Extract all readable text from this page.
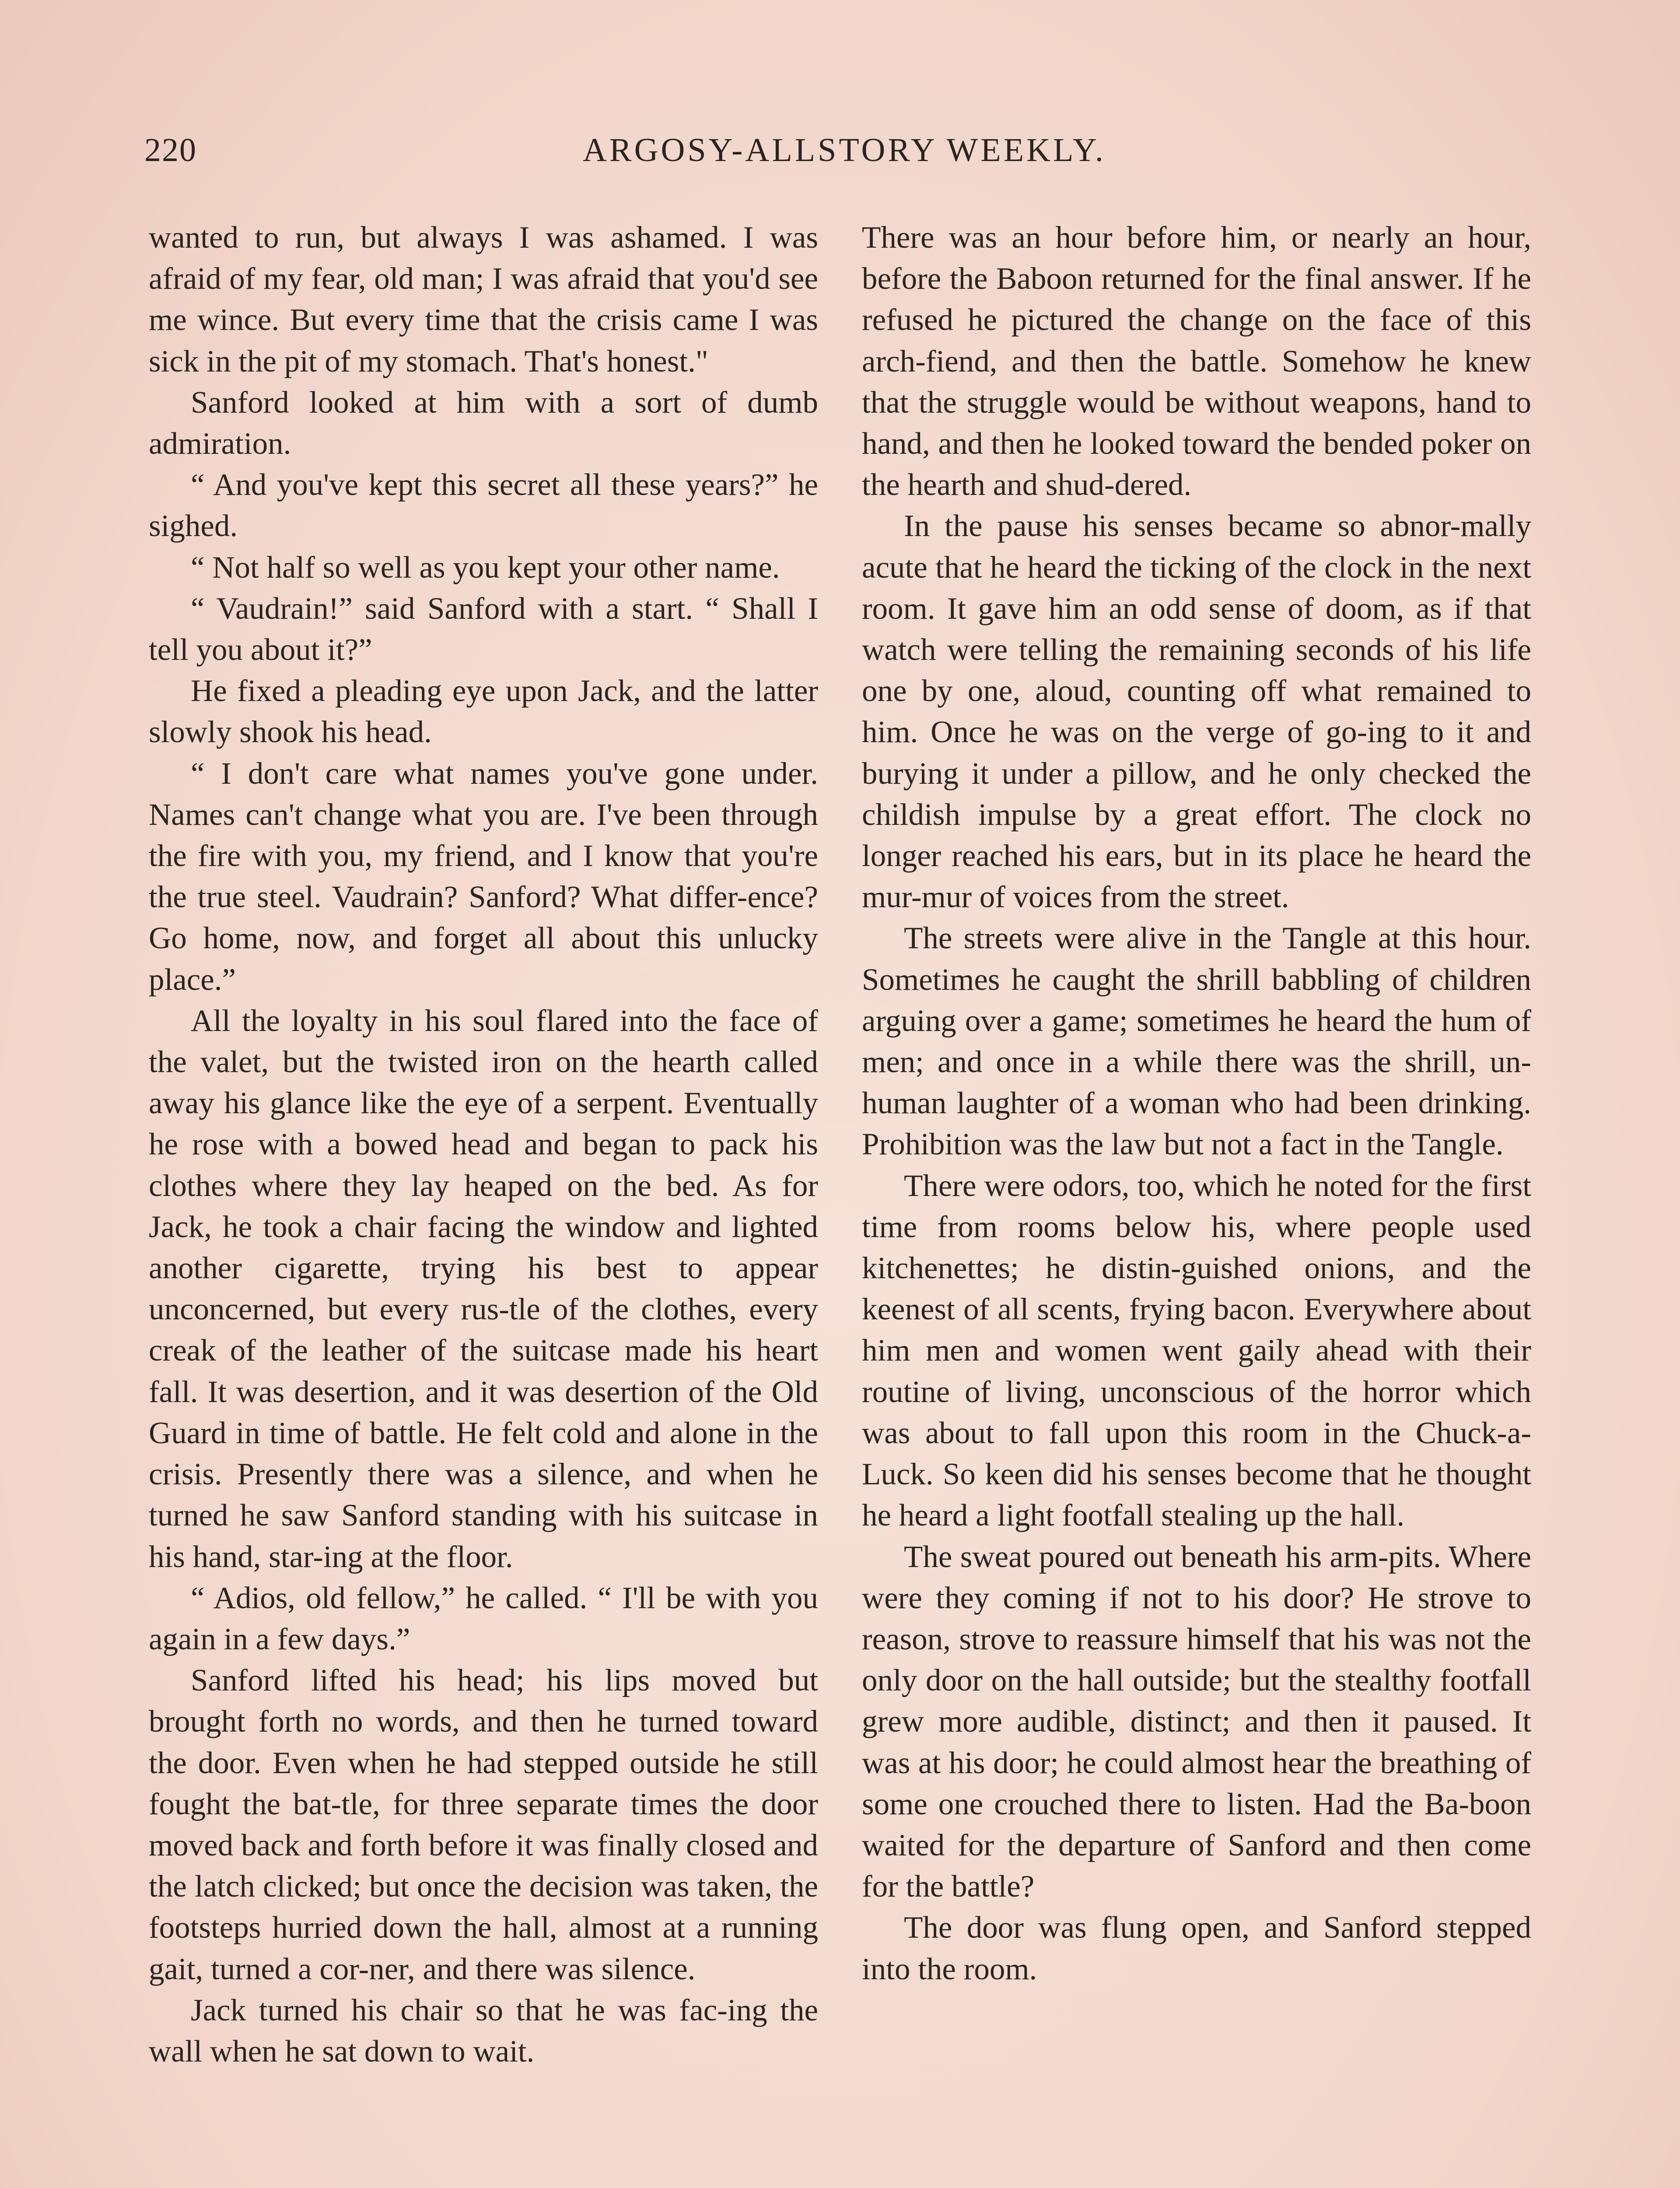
220	ARGOSY-ALLSTORY WEEKLY.

wanted to run, but always I was ashamed. I was afraid of my fear, old man; I was afraid that you'd see me wince. But every time that the crisis came I was sick in the pit of my stomach. That's honest."

Sanford looked at him with a sort of dumb admiration.

“ And you've kept this secret all these years?” he sighed.

“ Not half so well as you kept your other name.

“ Vaudrain!” said Sanford with a start. “ Shall I tell you about it?”

He fixed a pleading eye upon Jack, and the latter slowly shook his head.

“ I don't care what names you've gone under. Names can't change what you are. I've been through the fire with you, my friend, and I know that you're the true steel. Vaudrain? Sanford? What differ-ence? Go home, now, and forget all about this unlucky place.”

All the loyalty in his soul flared into the face of the valet, but the twisted iron on the hearth called away his glance like the eye of a serpent. Eventually he rose with a bowed head and began to pack his clothes where they lay heaped on the bed. As for Jack, he took a chair facing the window and lighted another cigarette, trying his best to appear unconcerned, but every rus-tle of the clothes, every creak of the leather of the suitcase made his heart fall. It was desertion, and it was desertion of the Old Guard in time of battle. He felt cold and alone in the crisis. Presently there was a silence, and when he turned he saw Sanford standing with his suitcase in his hand, star-ing at the floor.

“ Adios, old fellow,” he called. “ I'll be with you again in a few days.”

Sanford lifted his head; his lips moved but brought forth no words, and then he turned toward the door. Even when he had stepped outside he still fought the bat-tle, for three separate times the door moved back and forth before it was finally closed and the latch clicked; but once the decision was taken, the footsteps hurried down the hall, almost at a running gait, turned a cor-ner, and there was silence.

Jack turned his chair so that he was fac-ing the wall when he sat down to wait.

There was an hour before him, or nearly an hour, before the Baboon returned for the final answer. If he refused he pictured the change on the face of this arch-fiend, and then the battle. Somehow he knew that the struggle would be without weapons, hand to hand, and then he looked toward the bended poker on the hearth and shud-dered.

In the pause his senses became so abnor-mally acute that he heard the ticking of the clock in the next room. It gave him an odd sense of doom, as if that watch were telling the remaining seconds of his life one by one, aloud, counting off what remained to him. Once he was on the verge of go-ing to it and burying it under a pillow, and he only checked the childish impulse by a great effort. The clock no longer reached his ears, but in its place he heard the mur-mur of voices from the street.

The streets were alive in the Tangle at this hour. Sometimes he caught the shrill babbling of children arguing over a game; sometimes he heard the hum of men; and once in a while there was the shrill, un-human laughter of a woman who had been drinking. Prohibition was the law but not a fact in the Tangle.

There were odors, too, which he noted for the first time from rooms below his, where people used kitchenettes; he distin-guished onions, and the keenest of all scents, frying bacon. Everywhere about him men and women went gaily ahead with their routine of living, unconscious of the horror which was about to fall upon this room in the Chuck-a-Luck. So keen did his senses become that he thought he heard a light footfall stealing up the hall.

The sweat poured out beneath his arm-pits. Where were they coming if not to his door? He strove to reason, strove to reassure himself that his was not the only door on the hall outside; but the stealthy footfall grew more audible, distinct; and then it paused. It was at his door; he could almost hear the breathing of some one crouched there to listen. Had the Ba-boon waited for the departure of Sanford and then come for the battle?

The door was flung open, and Sanford stepped into the room.
